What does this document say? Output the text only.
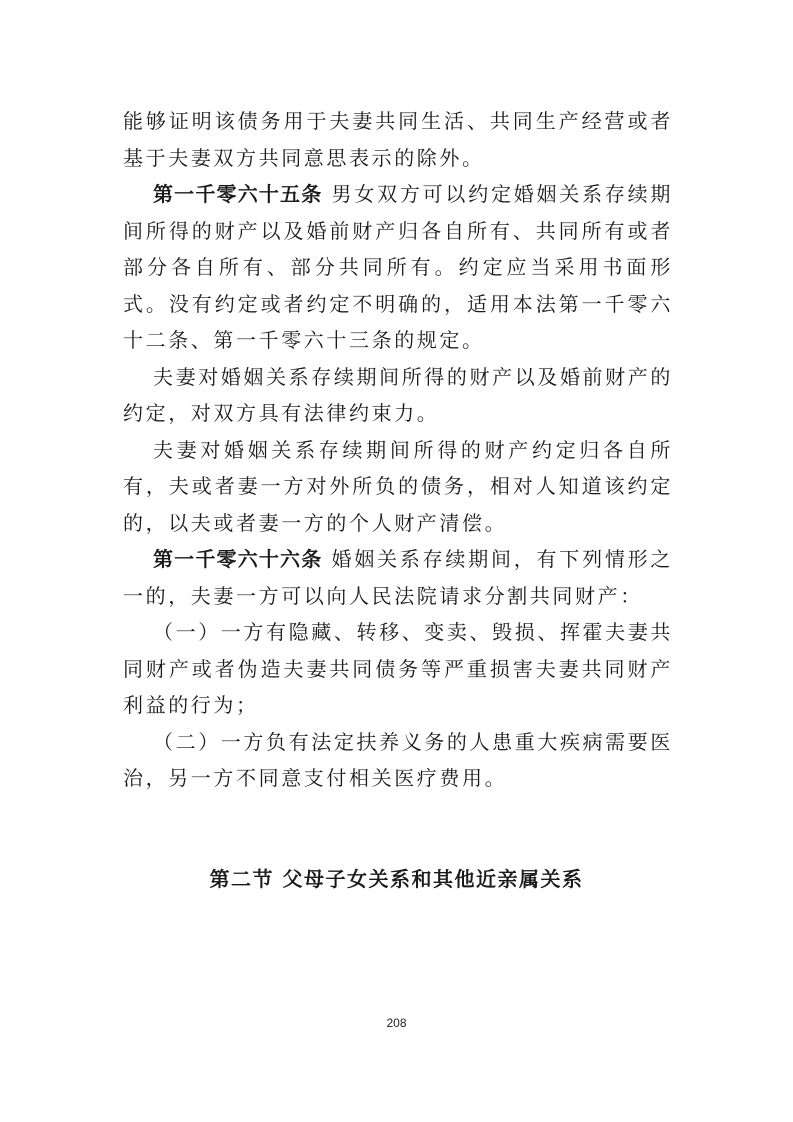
能够证明该债务用于夫妻共同生活、共同生产经营或者基于夫妻双方共同意思表示的除外。

第一千零六十五条 男女双方可以约定婚姻关系存续期间所得的财产以及婚前财产归各自所有、共同所有或者部分各自所有、部分共同所有。约定应当采用书面形式。没有约定或者约定不明确的，适用本法第一千零六十二条、第一千零六十三条的规定。

夫妻对婚姻关系存续期间所得的财产以及婚前财产的约定，对双方具有法律约束力。

夫妻对婚姻关系存续期间所得的财产约定归各自所有，夫或者妻一方对外所负的债务，相对人知道该约定的，以夫或者妻一方的个人财产清偿。

第一千零六十六条 婚姻关系存续期间，有下列情形之一的，夫妻一方可以向人民法院请求分割共同财产：

（一）一方有隐藏、转移、变卖、毁损、挥霍夫妻共同财产或者伪造夫妻共同债务等严重损害夫妻共同财产利益的行为；

（二）一方负有法定扶养义务的人患重大疾病需要医治，另一方不同意支付相关医疗费用。

第二节 父母子女关系和其他近亲属关系
208
